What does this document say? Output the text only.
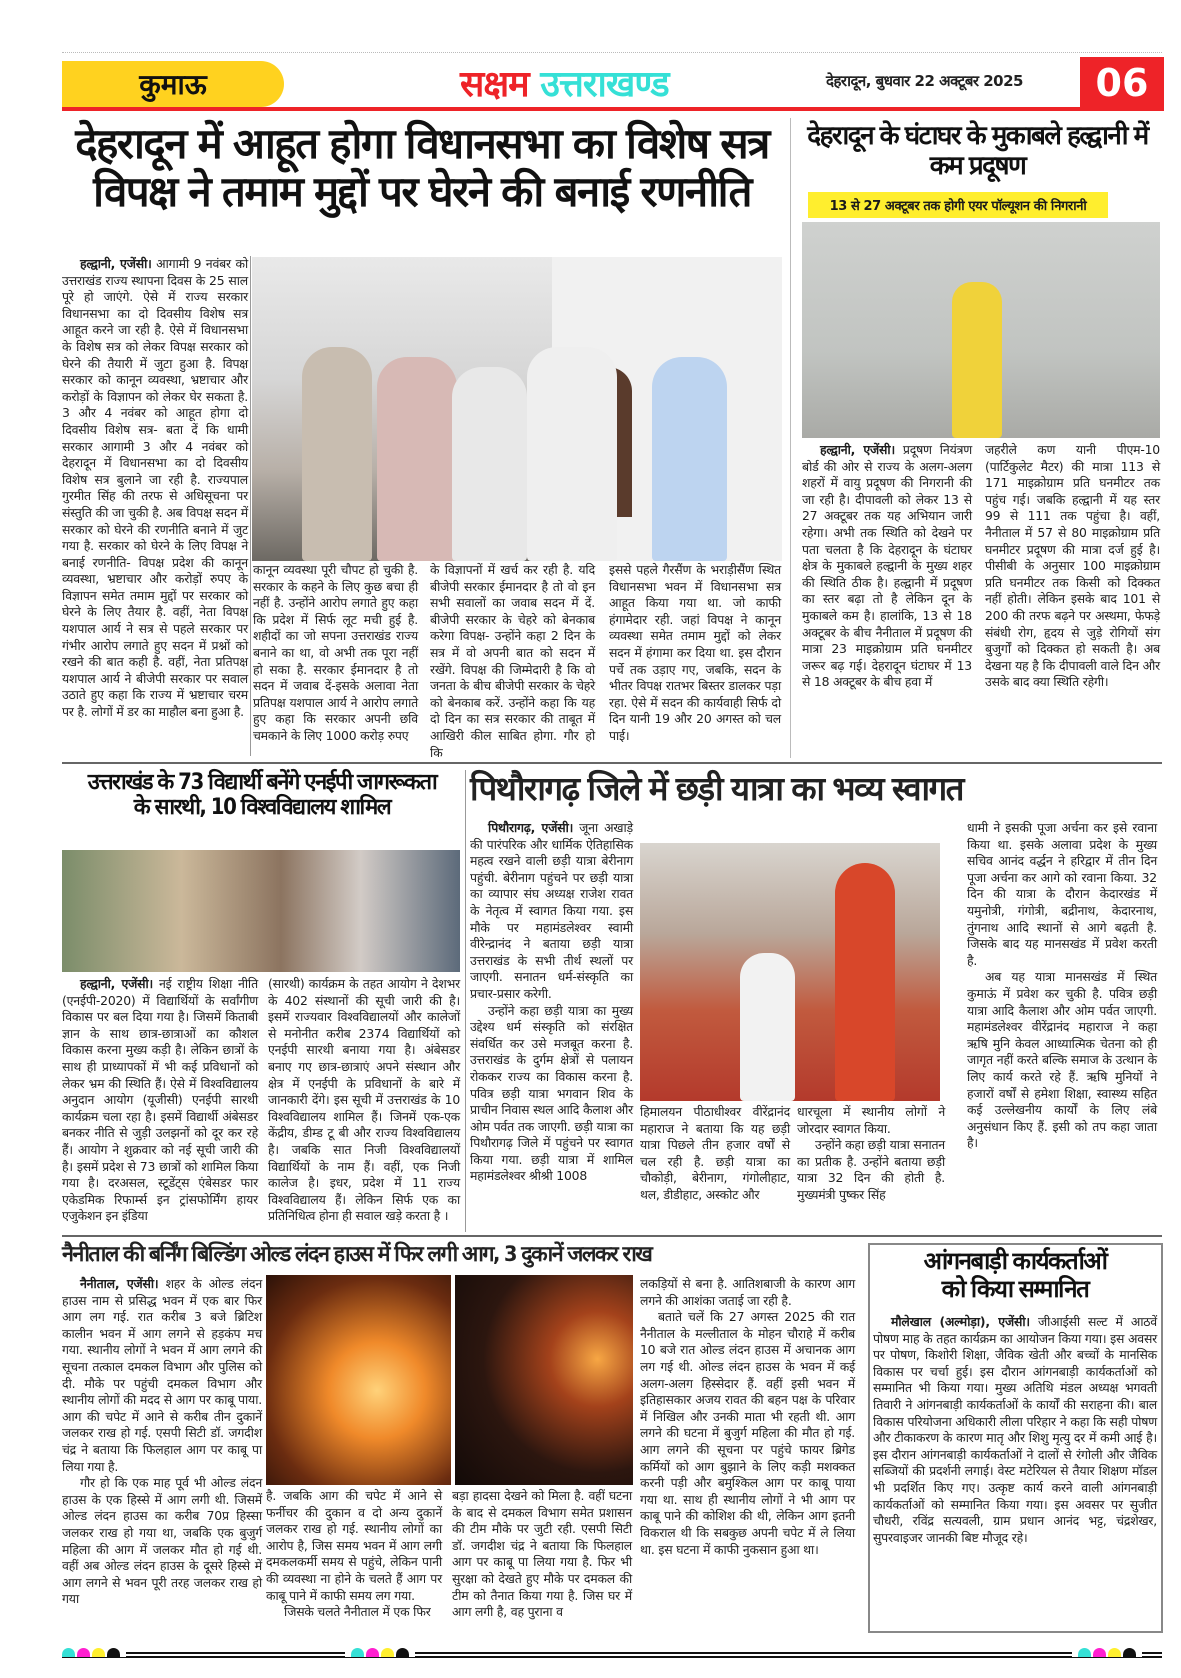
कुमाऊ	सक्षम उत्तराखण्ड	देहरादून, बुधवार 22 अक्टूबर 2025	06
देहरादून में आहूत होगा विधानसभा का विशेष सत्र
विपक्ष ने तमाम मुद्दों पर घेरने की बनाई रणनीति

हल्द्वानी, एजेंसी। आगामी 9 नवंबर को उत्तराखंड राज्य स्थापना दिवस के 25 साल पूरे हो जाएंगे. ऐसे में राज्य सरकार विधानसभा का दो दिवसीय विशेष सत्र आहूत करने जा रही है. ऐसे में विधानसभा के विशेष सत्र को लेकर विपक्ष सरकार को घेरने की तैयारी में जुटा हुआ है. विपक्ष सरकार को कानून व्यवस्था, भ्रष्टाचार और करोड़ों के विज्ञापन को लेकर घेर सकता है. 3 और 4 नवंबर को आहूत होगा दो दिवसीय विशेष सत्र- बता दें कि धामी सरकार आगामी 3 और 4 नवंबर को देहरादून में विधानसभा का दो दिवसीय विशेष सत्र बुलाने जा रही है. राज्यपाल गुरमीत सिंह की तरफ से अधिसूचना पर संस्तुति की जा चुकी है. अब विपक्ष सदन में सरकार को घेरने की रणनीति बनाने में जुट गया है. सरकार को घेरने के लिए विपक्ष ने बनाई रणनीति- विपक्ष प्रदेश की कानून व्यवस्था, भ्रष्टाचार और करोड़ों रुपए के विज्ञापन समेत तमाम मुद्दों पर सरकार को घेरने के लिए तैयार है. वहीं, नेता विपक्ष यशपाल आर्य ने सत्र से पहले सरकार पर गंभीर आरोप लगाते हुए सदन में प्रश्नों को रखने की बात कही है. वहीं, नेता प्रतिपक्ष यशपाल आर्य ने बीजेपी सरकार पर सवाल उठाते हुए कहा कि राज्य में भ्रष्टाचार चरम पर है. लोगों में डर का माहौल बना हुआ है.

कानून व्यवस्था पूरी चौपट हो चुकी है. सरकार के कहने के लिए कुछ बचा ही नहीं है. उन्होंने आरोप लगाते हुए कहा कि प्रदेश में सिर्फ लूट मची हुई है. शहीदों का जो सपना उत्तराखंड राज्य बनाने का था, वो अभी तक पूरा नहीं हो सका है. सरकार ईमानदार है तो सदन में जवाब दें-इसके अलावा नेता प्रतिपक्ष यशपाल आर्य ने आरोप लगाते हुए कहा कि सरकार अपनी छवि चमकाने के लिए 1000 करोड़ रुपए
के विज्ञापनों में खर्च कर रही है. यदि बीजेपी सरकार ईमानदार है तो वो इन सभी सवालों का जवाब सदन में दें. बीजेपी सरकार के चेहरे को बेनकाब करेगा विपक्ष- उन्होंने कहा 2 दिन के सत्र में वो अपनी बात को सदन में रखेंगे. विपक्ष की जिम्मेदारी है कि वो जनता के बीच बीजेपी सरकार के चेहरे को बेनकाब करें. उन्होंने कहा कि यह दो दिन का सत्र सरकार की ताबूत में आखिरी कील साबित होगा. गौर हो कि
इससे पहले गैरसैंण के भराड़ीसैंण स्थित विधानसभा भवन में विधानसभा सत्र आहूत किया गया था. जो काफी हंगामेदार रही. जहां विपक्ष ने कानून व्यवस्था समेत तमाम मुद्दों को लेकर सदन में हंगामा कर दिया था. इस दौरान पर्चे तक उड़ाए गए, जबकि, सदन के भीतर विपक्ष रातभर बिस्तर डालकर पड़ा रहा. ऐसे में सदन की कार्यवाही सिर्फ दो दिन यानी 19 और 20 अगस्त को चल पाई।
देहरादून के घंटाघर के मुकाबले हल्द्वानी में कम प्रदूषण
13 से 27 अक्टूबर तक होगी एयर पॉल्यूशन की निगरानी

हल्द्वानी, एजेंसी। प्रदूषण नियंत्रण बोर्ड की ओर से राज्य के अलग-अलग शहरों में वायु प्रदूषण की निगरानी की जा रही है। दीपावली को लेकर 13 से 27 अक्टूबर तक यह अभियान जारी रहेगा। अभी तक स्थिति को देखने पर पता चलता है कि देहरादून के घंटाघर क्षेत्र के मुकाबले हल्द्वानी के मुख्य शहर की स्थिति ठीक है। हल्द्वानी में प्रदूषण का स्तर बढ़ा तो है लेकिन दून के मुकाबले कम है। हालांकि, 13 से 18 अक्टूबर के बीच नैनीताल में प्रदूषण की मात्रा 23 माइक्रोग्राम प्रति घनमीटर जरूर बढ़ गई। देहरादून घंटाघर में 13 से 18 अक्टूबर के बीच हवा में

जहरीले कण यानी पीएम-10 (पार्टिकुलेट मैटर) की मात्रा 113 से 171 माइक्रोग्राम प्रति घनमीटर तक पहुंच गई। जबकि हल्द्वानी में यह स्तर 99 से 111 तक पहुंचा है। वहीं, नैनीताल में 57 से 80 माइक्रोग्राम प्रति घनमीटर प्रदूषण की मात्रा दर्ज हुई है। पीसीबी के अनुसार 100 माइक्रोग्राम प्रति घनमीटर तक किसी को दिक्कत नहीं होती। लेकिन इसके बाद 101 से 200 की तरफ बढ़ने पर अस्थमा, फेफड़े संबंधी रोग, हृदय से जुड़े रोगियों संग बुजुर्गों को दिक्कत हो सकती है। अब देखना यह है कि दीपावली वाले दिन और उसके बाद क्या स्थिति रहेगी।
उत्तराखंड के 73 विद्यार्थी बनेंगे एनईपी जागरूकता
के सारथी, 10 विश्वविद्यालय शामिल

हल्द्वानी, एजेंसी। नई राष्ट्रीय शिक्षा नीति (एनईपी-2020) में विद्यार्थियों के सर्वांगीण विकास पर बल दिया गया है। जिसमें किताबी ज्ञान के साथ छात्र-छात्राओं का कौशल विकास करना मुख्य कड़ी है। लेकिन छात्रों के साथ ही प्राध्यापकों में भी कई प्रविधानों को लेकर भ्रम की स्थिति हैं। ऐसे में विश्वविद्यालय अनुदान आयोग (यूजीसी) एनईपी सारथी कार्यक्रम चला रहा है। इसमें विद्यार्थी अंबेसडर बनकर नीति से जुड़ी उलझनों को दूर कर रहे हैं। आयोग ने शुक्रवार को नई सूची जारी की है। इसमें प्रदेश से 73 छात्रों को शामिल किया गया है। दरअसल, स्टूडेंट्स एंबेसडर फार एकेडमिक रिफार्म्स इन ट्रांसफोर्मिंग हायर एजुकेशन इन इंडिया

(सारथी) कार्यक्रम के तहत आयोग ने देशभर के 402 संस्थानों की सूची जारी की है। इसमें राज्यवार विश्वविद्यालयों और कालेजों से मनोनीत करीब 2374 विद्यार्थियों को एनईपी सारथी बनाया गया है। अंबेसडर बनाए गए छात्र-छात्राएं अपने संस्थान और क्षेत्र में एनईपी के प्रविधानों के बारे में जानकारी देंगे। इस सूची में उत्तराखंड के 10 विश्वविद्यालय शामिल हैं। जिनमें एक-एक केंद्रीय, डीम्ड टू बी और राज्य विश्वविद्यालय है। जबकि सात निजी विश्वविद्यालयों विद्यार्थियों के नाम हैं। वहीं, एक निजी कालेज है। इधर, प्रदेश में 11 राज्य विश्वविद्यालय हैं। लेकिन सिर्फ एक का प्रतिनिधित्व होना ही सवाल खड़े करता है ।
पिथौरागढ़ जिले में छड़ी यात्रा का भव्य स्वागत

पिथौरागढ़, एजेंसी। जूना अखाड़े की पारंपरिक और धार्मिक ऐतिहासिक महत्व रखने वाली छड़ी यात्रा बेरीनाग पहुंची. बेरीनाग पहुंचने पर छड़ी यात्रा का व्यापार संघ अध्यक्ष राजेश रावत के नेतृत्व में स्वागत किया गया. इस मौके पर महामंडलेश्वर स्वामी वीरेन्द्रानंद ने बताया छड़ी यात्रा उत्तराखंड के सभी तीर्थ स्थलों पर जाएगी. सनातन धर्म-संस्कृति का प्रचार-प्रसार करेगी.

उन्होंने कहा छड़ी यात्रा का मुख्य उद्देश्य धर्म संस्कृति को संरक्षित संवर्धित कर उसे मजबूत करना है. उत्तराखंड के दुर्गम क्षेत्रों से पलायन रोककर राज्य का विकास करना है. पवित्र छड़ी यात्रा भगवान शिव के प्राचीन निवास स्थल आदि कैलाश और ओम पर्वत तक जाएगी. छड़ी यात्रा का पिथौरागढ़ जिले में पहुंचने पर स्वागत किया गया. छड़ी यात्रा में शामिल महामंडलेश्वर श्रीश्री 1008

हिमालयन पीठाधीश्वर वीरेंद्रानंद महाराज ने बताया कि यह छड़ी यात्रा पिछले तीन हजार वर्षों से चल रही है. छड़ी यात्रा का चौकोड़ी, बेरीनाग, गंगोलीहाट, थल, डीडीहाट, अस्कोट और
धारचूला में स्थानीय लोगों ने जोरदार स्वागत किया.

उन्होंने कहा छड़ी यात्रा सनातन का प्रतीक है. उन्होंने बताया छड़ी यात्रा 32 दिन की होती है. मुख्यमंत्री पुष्कर सिंह

धामी ने इसकी पूजा अर्चना कर इसे रवाना किया था. इसके अलावा प्रदेश के मुख्य सचिव आनंद वर्द्धन ने हरिद्वार में तीन दिन पूजा अर्चना कर आगे को रवाना किया. 32 दिन की यात्रा के दौरान केदारखंड में यमुनोत्री, गंगोत्री, बद्रीनाथ, केदारनाथ, तुंगनाथ आदि स्थानों से आगे बढ़ती है. जिसके बाद यह मानसखंड में प्रवेश करती है.

अब यह यात्रा मानसखंड में स्थित कुमाऊं में प्रवेश कर चुकी है. पवित्र छड़ी यात्रा आदि कैलाश और ओम पर्वत जाएगी. महामंडलेश्वर वीरेंद्रानंद महाराज ने कहा ऋषि मुनि केवल आध्यात्मिक चेतना को ही जागृत नहीं करते बल्कि समाज के उत्थान के लिए कार्य करते रहे हैं. ऋषि मुनियों ने हजारों वर्षों से हमेशा शिक्षा, स्वास्थ्य सहित कई उल्लेखनीय कार्यों के लिए लंबे अनुसंधान किए हैं. इसी को तप कहा जाता है।

नैनीताल की बर्निंग बिल्डिंग ओल्ड लंदन हाउस में फिर लगी आग, 3 दुकानें जलकर राख

नैनीताल, एजेंसी। शहर के ओल्ड लंदन हाउस नाम से प्रसिद्ध भवन में एक बार फिर आग लग गई. रात करीब 3 बजे ब्रिटिश कालीन भवन में आग लगने से हड़कंप मच गया. स्थानीय लोगों ने भवन में आग लगने की सूचना तत्काल दमकल विभाग और पुलिस को दी. मौके पर पहुंची दमकल विभाग और स्थानीय लोगों की मदद से आग पर काबू पाया. आग की चपेट में आने से करीब तीन दुकानें जलकर राख हो गई. एसपी सिटी डॉ. जगदीश चंद्र ने बताया कि फिलहाल आग पर काबू पा लिया गया है.

गौर हो कि एक माह पूर्व भी ओल्ड लंदन हाउस के एक हिस्से में आग लगी थी. जिसमें ओल्ड लंदन हाउस का करीब 70प्र हिस्सा जलकर राख हो गया था, जबकि एक बुजुर्ग महिला की आग में जलकर मौत हो गई थी. वहीं अब ओल्ड लंदन हाउस के दूसरे हिस्से में आग लगने से भवन पूरी तरह जलकर राख हो गया

है. जबकि आग की चपेट में आने से फर्नीचर की दुकान व दो अन्य दुकानें जलकर राख हो गई. स्थानीय लोगों का आरोप है, जिस समय भवन में आग लगी दमकलकर्मी समय से पहुंचे, लेकिन पानी की व्यवस्था ना होने के चलते हैं आग पर काबू पाने में काफी समय लग गया.

जिसके चलते नैनीताल में एक फिर

बड़ा हादसा देखने को मिला है. वहीं घटना के बाद से दमकल विभाग समेत प्रशासन की टीम मौके पर जुटी रही. एसपी सिटी डॉ. जगदीश चंद्र ने बताया कि फिलहाल आग पर काबू पा लिया गया है. फिर भी सुरक्षा को देखते हुए मौके पर दमकल की टीम को तैनात किया गया है. जिस घर में आग लगी है, वह पुराना व
लकड़ियों से बना है. आतिशबाजी के कारण आग लगने की आशंका जताई जा रही है.

बताते चलें कि 27 अगस्त 2025 की रात नैनीताल के मल्लीताल के मोहन चौराहे में करीब 10 बजे रात ओल्ड लंदन हाउस में अचानक आग लग गई थी. ओल्ड लंदन हाउस के भवन में कई अलग-अलग हिस्सेदार हैं. वहीं इसी भवन में इतिहासकार अजय रावत की बहन पक्ष के परिवार में निखिल और उनकी माता भी रहती थी. आग लगने की घटना में बुजुर्ग महिला की मौत हो गई. आग लगने की सूचना पर पहुंचे फायर ब्रिगेड कर्मियों को आग बुझाने के लिए कड़ी मशक्कत करनी पड़ी और बमुश्किल आग पर काबू पाया गया था. साथ ही स्थानीय लोगों ने भी आग पर काबू पाने की कोशिश की थी, लेकिन आग इतनी विकराल थी कि सबकुछ अपनी चपेट में ले लिया था. इस घटना में काफी नुकसान हुआ था।

आंगनबाड़ी कार्यकर्ताओं
को किया सम्मानित

मौलेखाल (अल्मोड़ा), एजेंसी। जीआईसी सल्ट में आठवें पोषण माह के तहत कार्यक्रम का आयोजन किया गया। इस अवसर पर पोषण, किशोरी शिक्षा, जैविक खेती और बच्चों के मानसिक विकास पर चर्चा हुई। इस दौरान आंगनबाड़ी कार्यकर्ताओं को सम्मानित भी किया गया। मुख्य अतिथि मंडल अध्यक्ष भगवती तिवारी ने आंगनबाड़ी कार्यकर्ताओं के कार्यों की सराहना की। बाल विकास परियोजना अधिकारी लीला परिहार ने कहा कि सही पोषण और टीकाकरण के कारण मातृ और शिशु मृत्यु दर में कमी आई है। इस दौरान आंगनबाड़ी कार्यकर्ताओं ने दालों से रंगोली और जैविक सब्जियों की प्रदर्शनी लगाई। वेस्ट मटेरियल से तैयार शिक्षण मॉडल भी प्रदर्शित किए गए। उत्कृष्ट कार्य करने वाली आंगनबाड़ी कार्यकर्ताओं को सम्मानित किया गया। इस अवसर पर सुजीत चौधरी, रविंद्र सत्यवली, ग्राम प्रधान आनंद भट्ट, चंद्रशेखर, सुपरवाइजर जानकी बिष्ट मौजूद रहे।
